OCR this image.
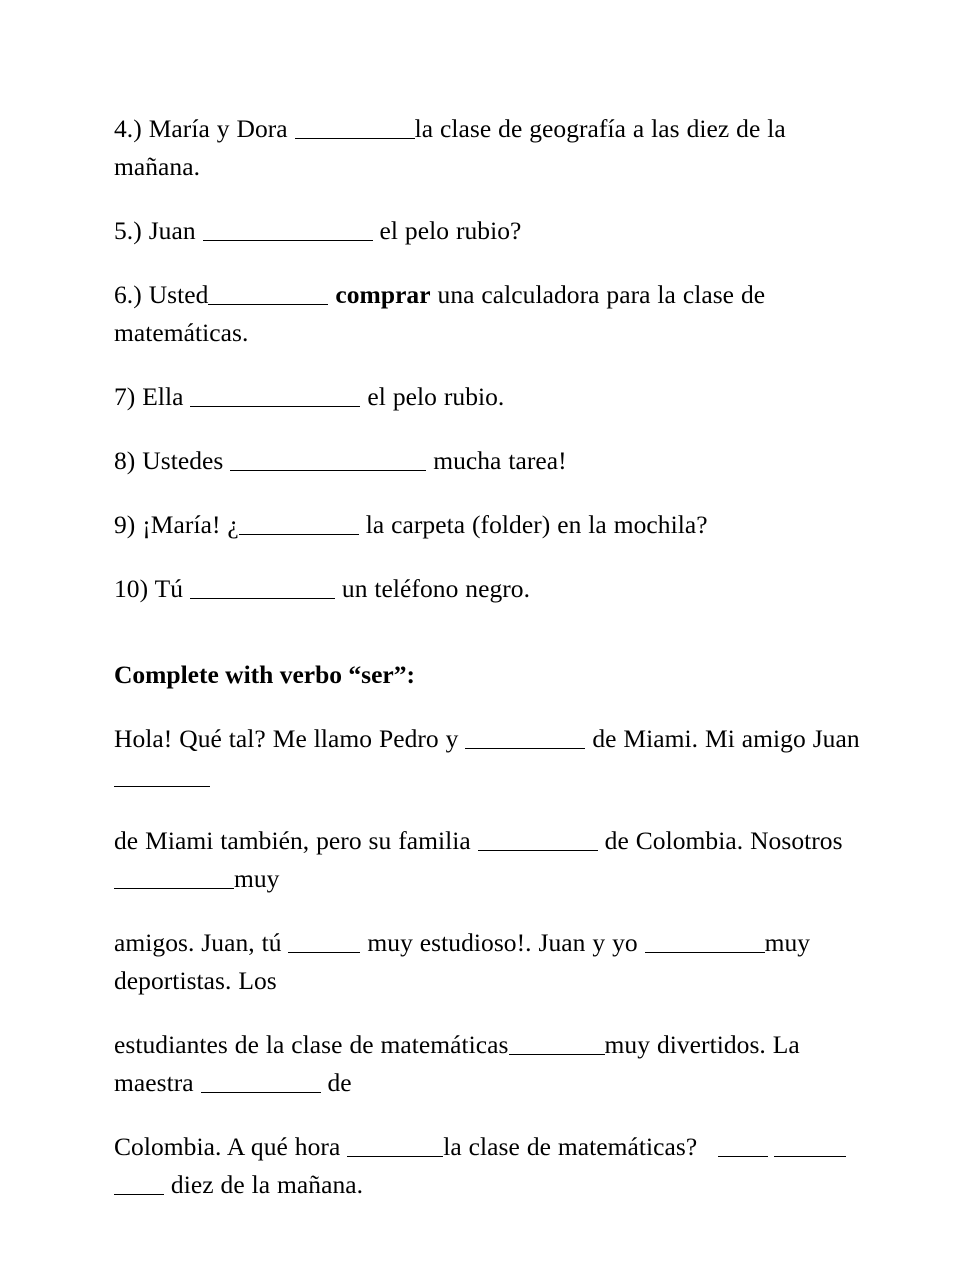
4.) María y Dora	la clase de geografía a las diez de la mañana.

5.) Juan	el pelo rubio?

6.) Usted	comprar una calculadora para la clase de matemáticas.

7) Ella	el pelo rubio.

8) Ustedes	mucha tarea!

9) ¡María! ¿	la carpeta (folder) en la mochila?

10) Tú	un teléfono negro.

Complete with verbo “ser”:

Hola! Qué tal? Me llamo Pedro y	de Miami. Mi amigo Juan

de Miami también, pero su familia	de Colombia. Nosotros muy

amigos. Juan, tú	muy estudioso!. Juan y yo	muy deportistas. Los

estudiantes de la clase de matemáticas	muy divertidos. La maestra	de

Colombia. A qué hora	la clase de matemáticas?  diez de la mañana.
